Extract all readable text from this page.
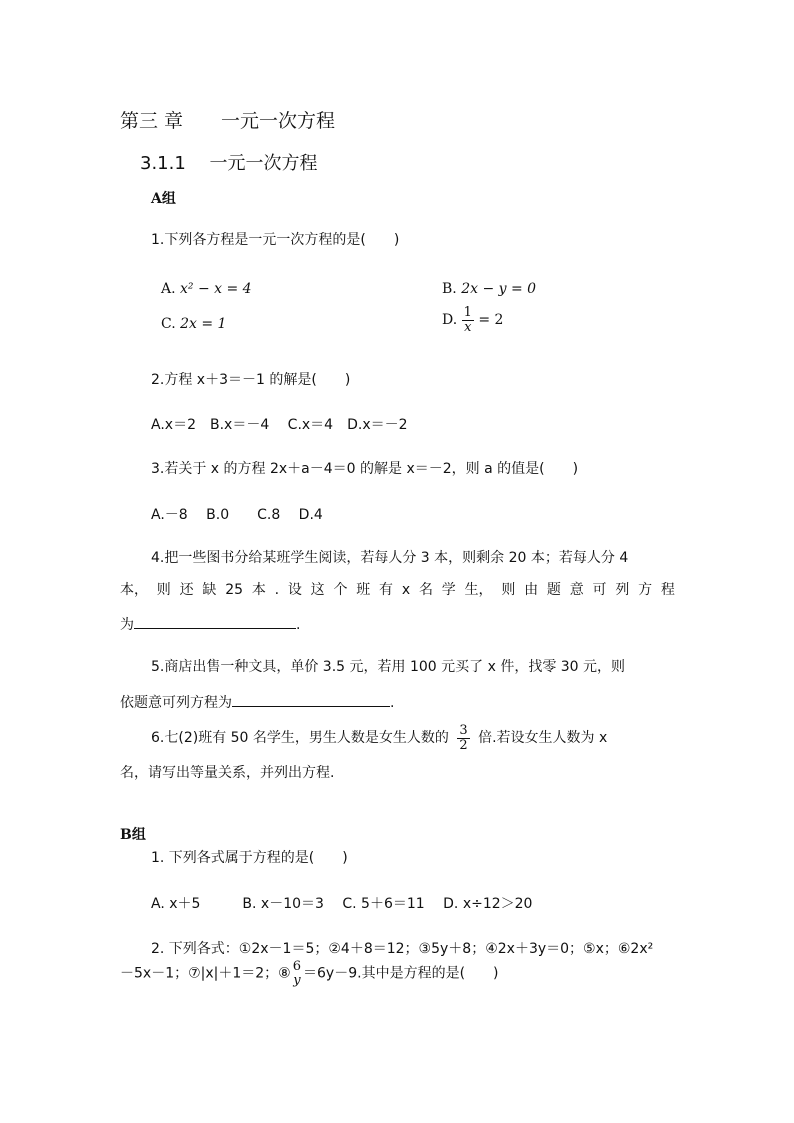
第三 章　　一元一次方程
3.1.1　 一元一次方程
A组
1.下列各方程是一元一次方程的是(　　)
A. x² − x = 4	B. 2x − y = 0
C. 2x = 1	D. $\frac{1}{x} = 2$
2.方程 x＋3＝－1 的解是(　　)
A.x＝2　B.x＝－4　 C.x＝4　D.x＝－2
3.若关于 x 的方程 2x＋a－4＝0 的解是 x＝－2，则 a 的值是(　　)
A.－8　 B.0　　C.8　 D.4
4.把一些图书分给某班学生阅读，若每人分 3 本，则剩余 20 本；若每人分 4
本， 则 还 缺 25 本 . 设 这 个 班 有 x 名 学 生， 则 由 题 意 可 列 方 程
为	.
5.商店出售一种文具，单价 3.5 元，若用 100 元买了 x 件，找零 30 元，则
依题意可列方程为	.
6.七(2)班有 50 名学生，男生人数是女生人数的 $\frac{3}{2}$ 倍.若设女生人数为 x
名，请写出等量关系，并列出方程.
B组
1. 下列各式属于方程的是(　　)
A. x＋5　　　B. x－10＝3　 C. 5＋6＝11　 D. x÷12＞20
2. 下列各式：①2x－1＝5；②4＋8＝12；③5y＋8；④2x＋3y＝0；⑤x；⑥2x²
－5x－1；⑦|x|＋1＝2；⑧ 6
y ＝6y－9.其中是方程的是(　　)
